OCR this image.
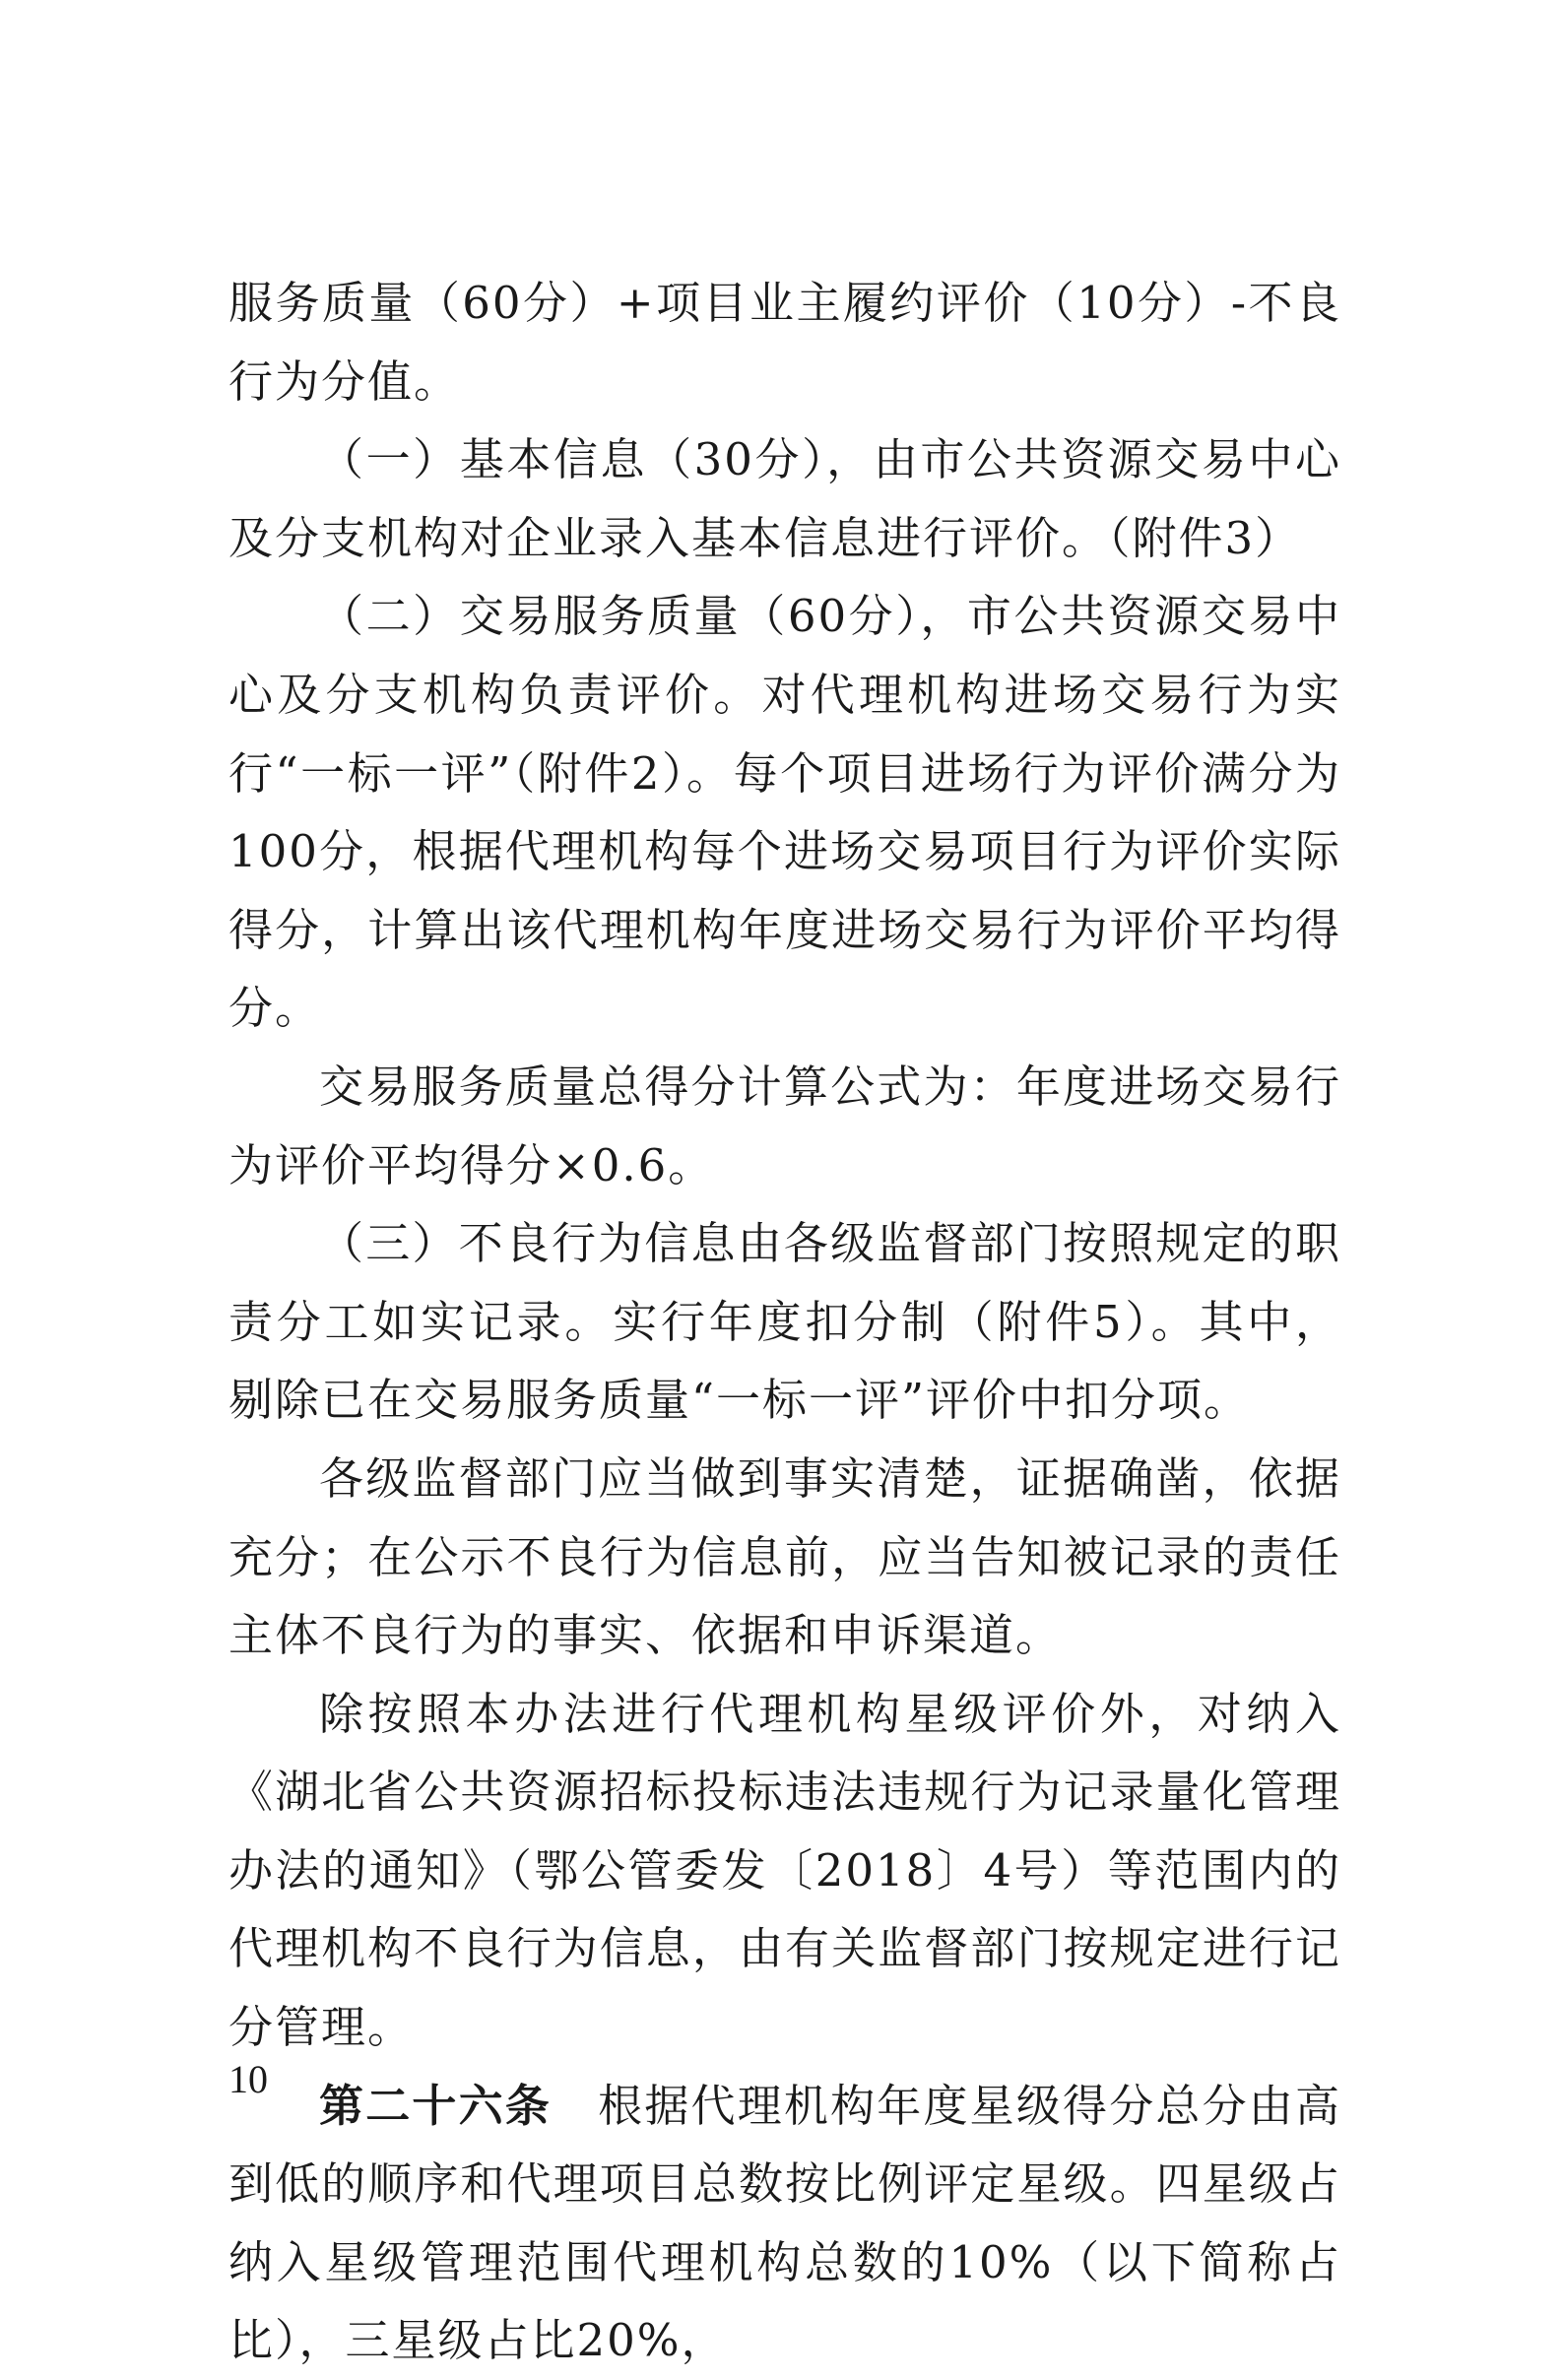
服务质量（60分）+项目业主履约评价（10分）-不良行为分值。

（一）基本信息（30分），由市公共资源交易中心及分支机构对企业录入基本信息进行评价。（附件3）

（二）交易服务质量（60分），市公共资源交易中心及分支机构负责评价。对代理机构进场交易行为实行“一标一评”（附件2）。每个项目进场行为评价满分为100分，根据代理机构每个进场交易项目行为评价实际得分，计算出该代理机构年度进场交易行为评价平均得分。

交易服务质量总得分计算公式为：年度进场交易行为评价平均得分×0.6。

（三）不良行为信息由各级监督部门按照规定的职责分工如实记录。实行年度扣分制（附件5）。其中，剔除已在交易服务质量“一标一评”评价中扣分项。

各级监督部门应当做到事实清楚，证据确凿，依据充分；在公示不良行为信息前，应当告知被记录的责任主体不良行为的事实、依据和申诉渠道。

除按照本办法进行代理机构星级评价外，对纳入《湖北省公共资源招标投标违法违规行为记录量化管理办法的通知》（鄂公管委发〔2018〕4号）等范围内的代理机构不良行为信息，由有关监督部门按规定进行记分管理。

第二十六条　 根据代理机构年度星级得分总分由高到低的顺序和代理项目总数按比例评定星级。四星级占纳入星级管理范围代理机构总数的10%（以下简称占比），三星级占比20%，

10
